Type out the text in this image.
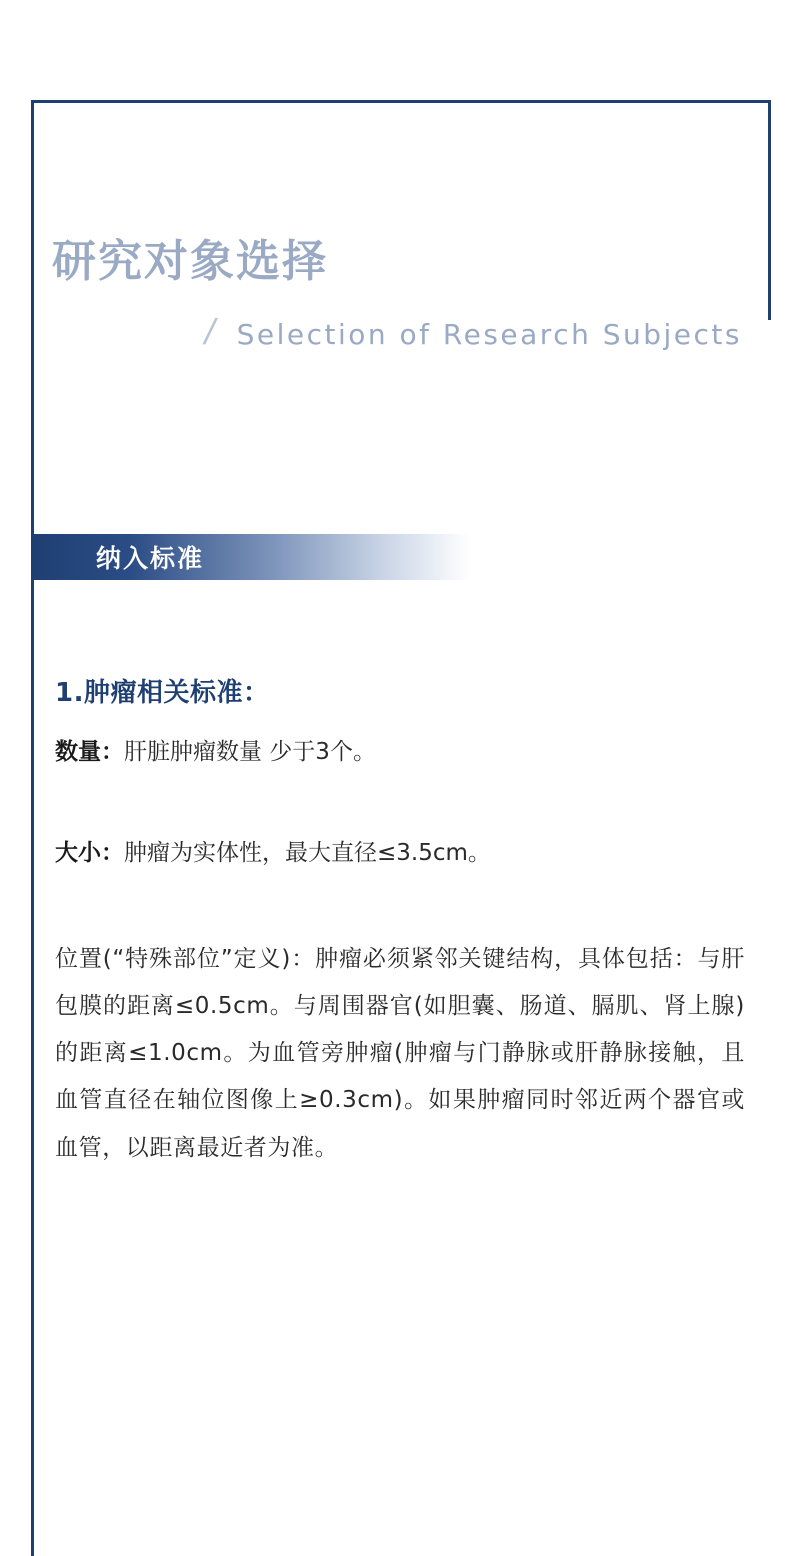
研究对象选择
/ Selection of Research Subjects
纳入标准
1.肿瘤相关标准：
数量：肝脏肿瘤数量 少于3个。
大小：肿瘤为实体性，最大直径≤3.5cm。
位置(“特殊部位”定义)：肿瘤必须紧邻关键结构，具体包括：与肝包膜的距离≤0.5cm。与周围器官(如胆囊、肠道、膈肌、肾上腺)的距离≤1.0cm。为血管旁肿瘤(肿瘤与门静脉或肝静脉接触，且血管直径在轴位图像上≥0.3cm)。如果肿瘤同时邻近两个器官或血管，以距离最近者为准。
